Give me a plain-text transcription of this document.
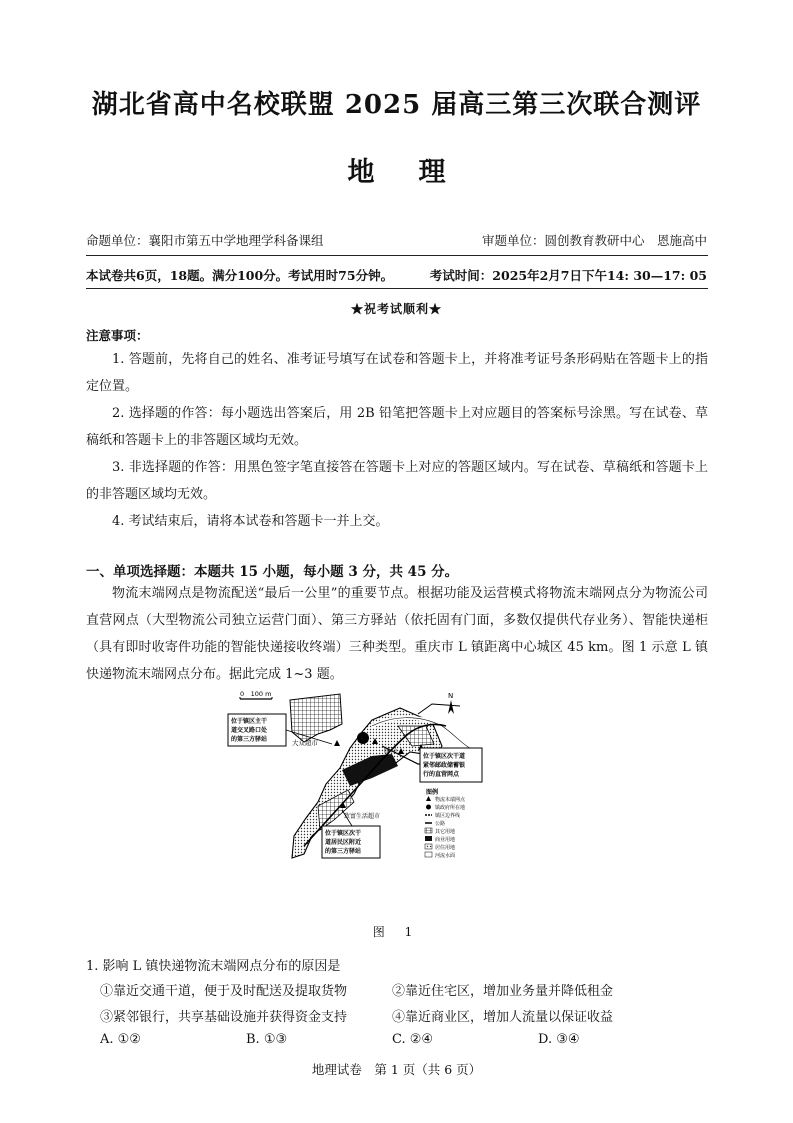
湖北省高中名校联盟 2025 届高三第三次联合测评
地理
命题单位：襄阳市第五中学地理学科备课组	审题单位：圆创教育教研中心　恩施高中
本试卷共6页，18题。满分100分。考试用时75分钟。	考试时间：2025年2月7日下午14: 30—17: 05
★祝考试顺利★
注意事项：
1. 答题前，先将自己的姓名、准考证号填写在试卷和答题卡上，并将准考证号条形码贴在答题卡上的指定位置。
2. 选择题的作答：每小题选出答案后，用 2B 铅笔把答题卡上对应题目的答案标号涂黑。写在试卷、草稿纸和答题卡上的非答题区域均无效。
3. 非选择题的作答：用黑色签字笔直接答在答题卡上对应的答题区域内。写在试卷、草稿纸和答题卡上的非答题区域均无效。
4. 考试结束后，请将本试卷和答题卡一并上交。
一、单项选择题：本题共 15 小题，每小题 3 分，共 45 分。
物流末端网点是物流配送“最后一公里”的重要节点。根据功能及运营模式将物流末端网点分为物流公司直营网点（大型物流公司独立运营门面）、第三方驿站（依托固有门面，多数仅提供代存业务）、智能快递柜（具有即时收寄件功能的智能快递接收终端）三种类型。重庆市 L 镇距离中心城区 45 km。图 1 示意 L 镇快递物流末端网点分布。据此完成 1~3 题。
0　100 m	N
大众超市
邮局
致富生活超市
位于镇区主干
道交叉路口处
的第三方驿站
位于镇区次干道
紧邻邮政储蓄银
行的直营网点
位于镇区次干
道居民区附近
的第三方驿站
图例
物流末端网点
镇政府所在地
镇区边界线
公路
其它用地
商业用地
居住用地
河流水面
图 1
1. 影响 L 镇快递物流末端网点分布的原因是
①靠近交通干道，便于及时配送及提取货物	②靠近住宅区，增加业务量并降低租金
③紧邻银行，共享基础设施并获得资金支持	④靠近商业区，增加人流量以保证收益
A. ①②	B. ①③	C. ②④	D. ③④
地理试卷　第 1 页（共 6 页）
